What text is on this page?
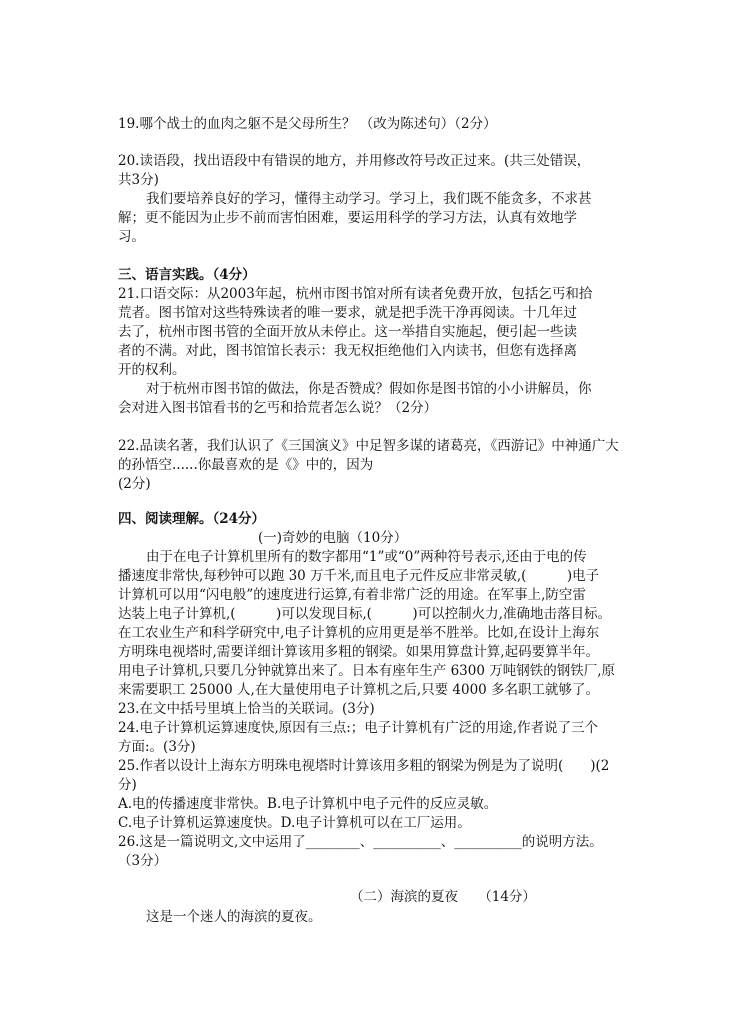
19.哪个战士的血肉之躯不是父母所生？ （改为陈述句）（2分）
20.读语段，找出语段中有错误的地方，并用修改符号改正过来。(共三处错误，
共3分)
我们要培养良好的学习，懂得主动学习。学习上，我们既不能贪多，不求甚
解；更不能因为止步不前而害怕困难，要运用科学的学习方法，认真有效地学
习。
三、语言实践。（4分）
21.口语交际：从2003年起，杭州市图书馆对所有读者免费开放，包括乞丐和拾
荒者。图书馆对这些特殊读者的唯一要求，就是把手洗干净再阅读。十几年过
去了，杭州市图书管的全面开放从未停止。这一举措自实施起，便引起一些读
者的不满。对此，图书馆馆长表示：我无权拒绝他们入内读书，但您有选择离
开的权利。
对于杭州市图书馆的做法，你是否赞成？假如你是图书馆的小小讲解员，你
会对进入图书馆看书的乞丐和拾荒者怎么说？（2分）
22.品读名著，我们认识了《三国演义》中足智多谋的诸葛亮，《西游记》中神通广大
的孙悟空......你最喜欢的是《》中的，因为
(2分)
四、阅读理解。（24分）
(一)奇妙的电脑（10分）
由于在电子计算机里所有的数字都用“1”或“0”两种符号表示,还由于电的传
播速度非常快,每秒钟可以跑 30 万千米,而且电子元件反应非常灵敏,(　　　)电子
计算机可以用“闪电般”的速度进行运算,有着非常广泛的用途。在军事上,防空雷
达装上电子计算机,(　　　)可以发现目标,(　　　)可以控制火力,准确地击落目标。
在工农业生产和科学研究中,电子计算机的应用更是举不胜举。比如,在设计上海东
方明珠电视塔时,需要详细计算该用多粗的钢梁。如果用算盘计算,起码要算半年。
用电子计算机,只要几分钟就算出来了。日本有座年生产 6300 万吨钢铁的钢铁厂,原
来需要职工 25000 人,在大量使用电子计算机之后,只要 4000 多名职工就够了。
23.在文中括号里填上恰当的关联词。(3分)
24.电子计算机运算速度快,原因有三点:；电子计算机有广泛的用途,作者说了三个
方面:。(3分)
25.作者以设计上海东方明珠电视塔时计算该用多粗的钢梁为例是为了说明(　　)(2
分)
A.电的传播速度非常快。B.电子计算机中电子元件的反应灵敏。
C.电子计算机运算速度快。D.电子计算机可以在工厂运用。
26.这是一篇说明文,文中运用了________、__________、__________的说明方法。
（3分）
（二）海滨的夏夜　　（14分）
这是一个迷人的海滨的夏夜。
